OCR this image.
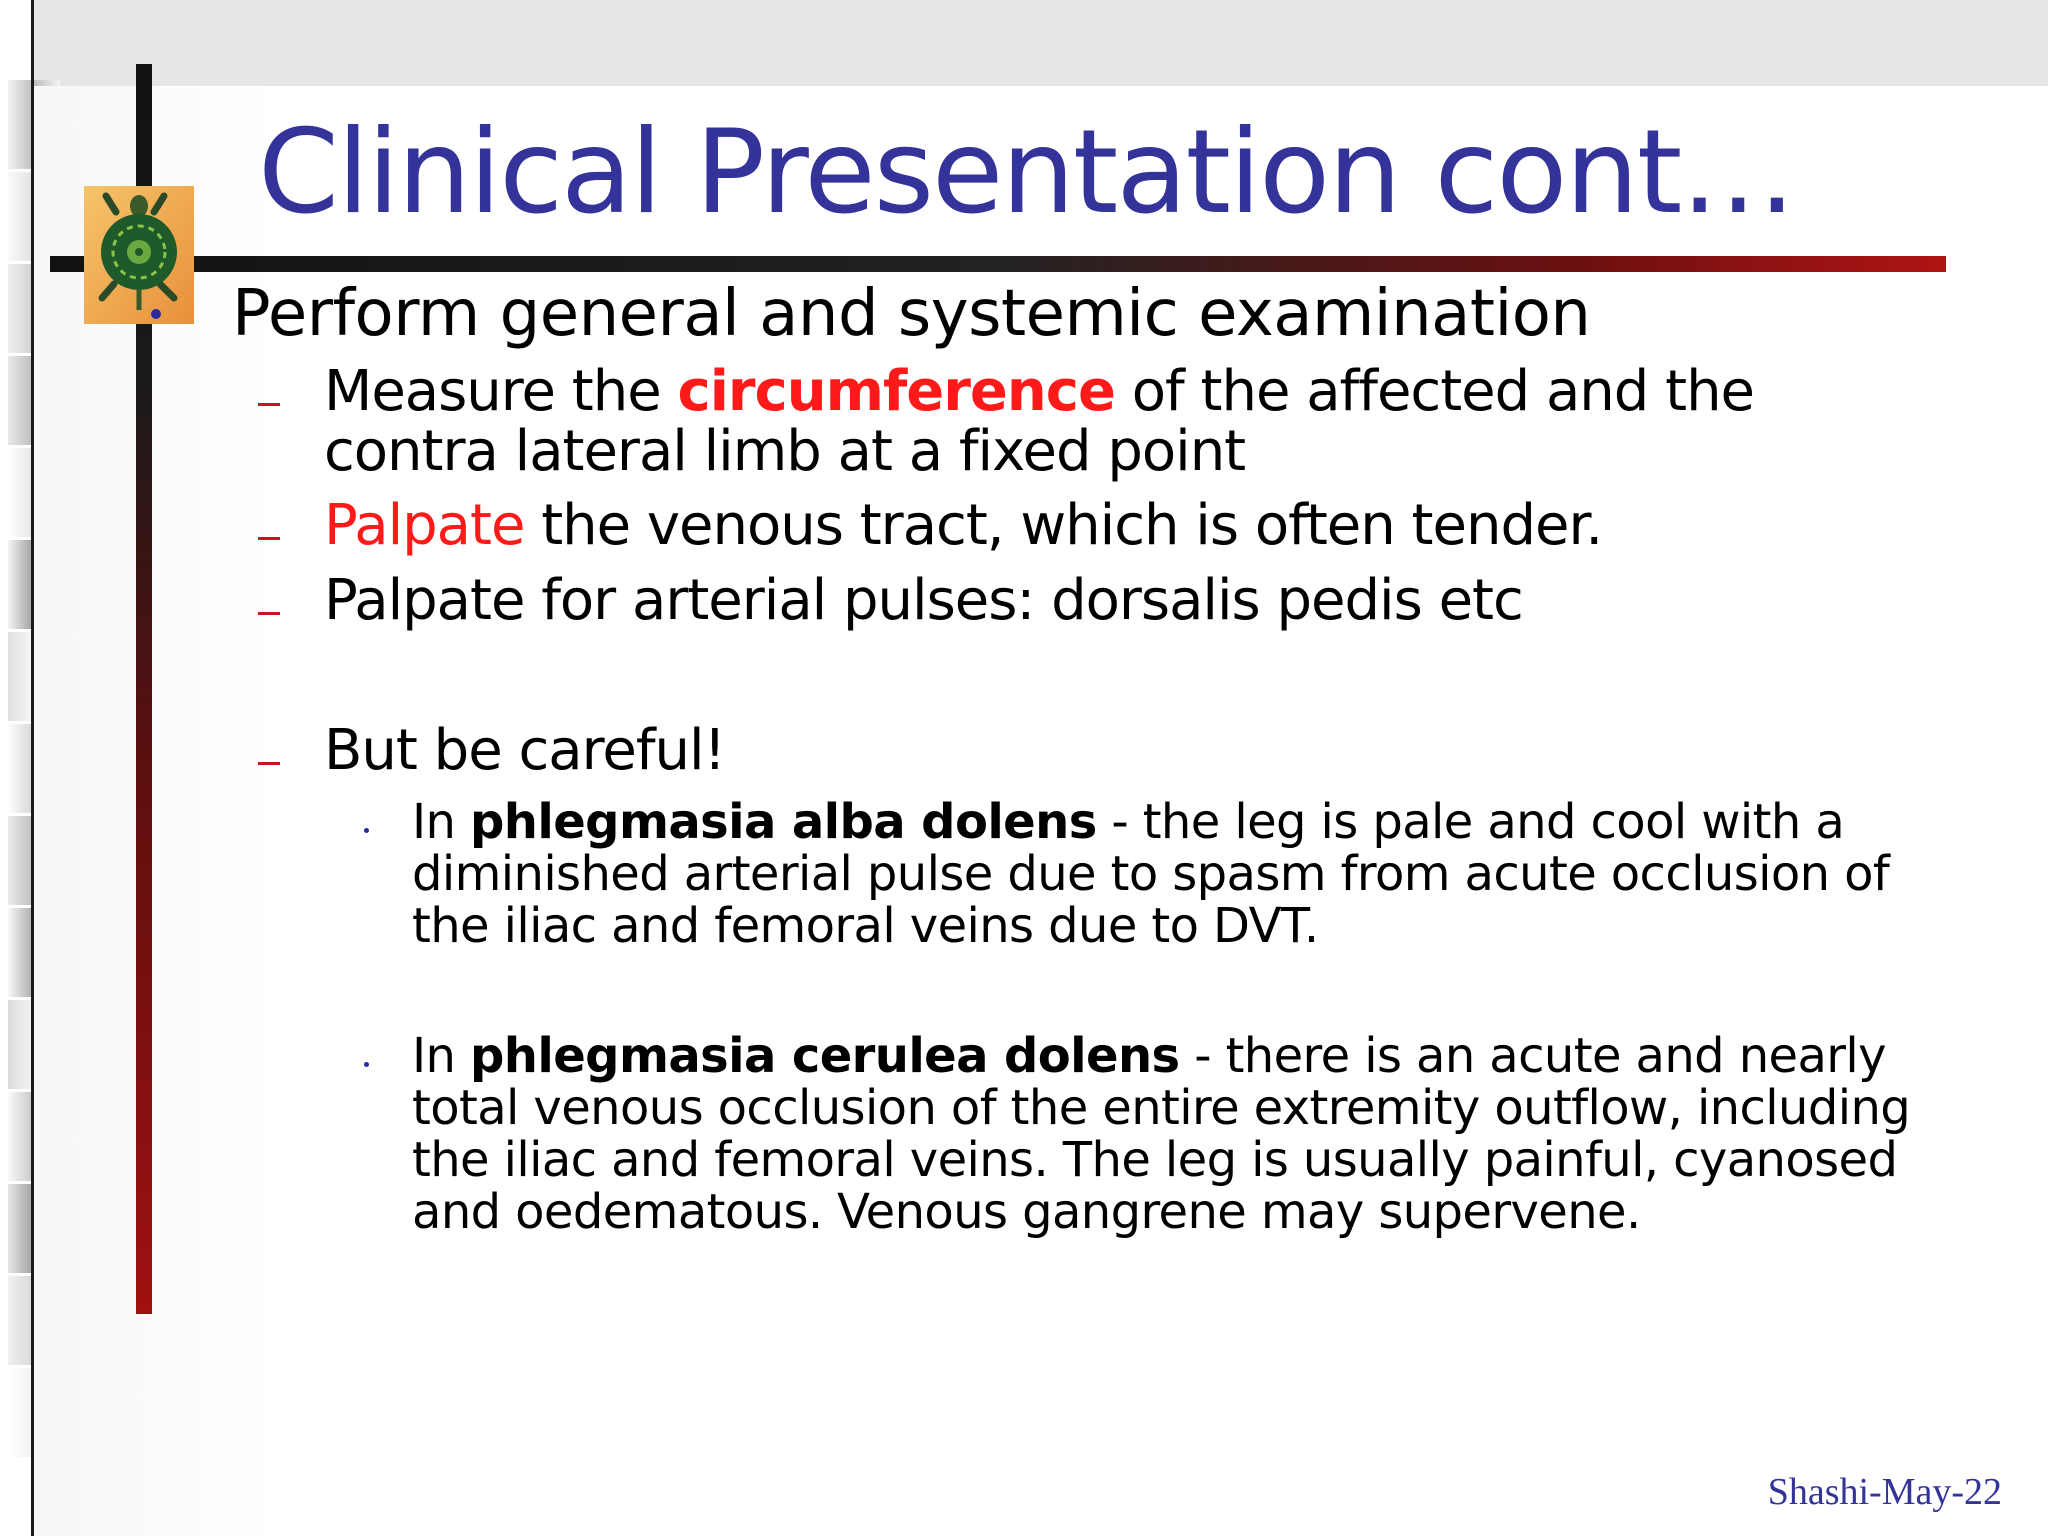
Clinical Presentation cont…

Perform general and systemic examination

Measure the circumference of the affected and the

contra lateral limb at a fixed point

Palpate the venous tract, which is often tender.

Palpate for arterial pulses: dorsalis pedis etc

But be careful!

In phlegmasia alba dolens - the leg is pale and cool with a diminished arterial pulse due to spasm from acute occlusion of the iliac and femoral veins due to DVT.

In phlegmasia cerulea dolens - there is an acute and nearly total venous occlusion of the entire extremity outflow, including the iliac and femoral veins. The leg is usually painful, cyanosed and oedematous. Venous gangrene may supervene.

Shashi-May-22
